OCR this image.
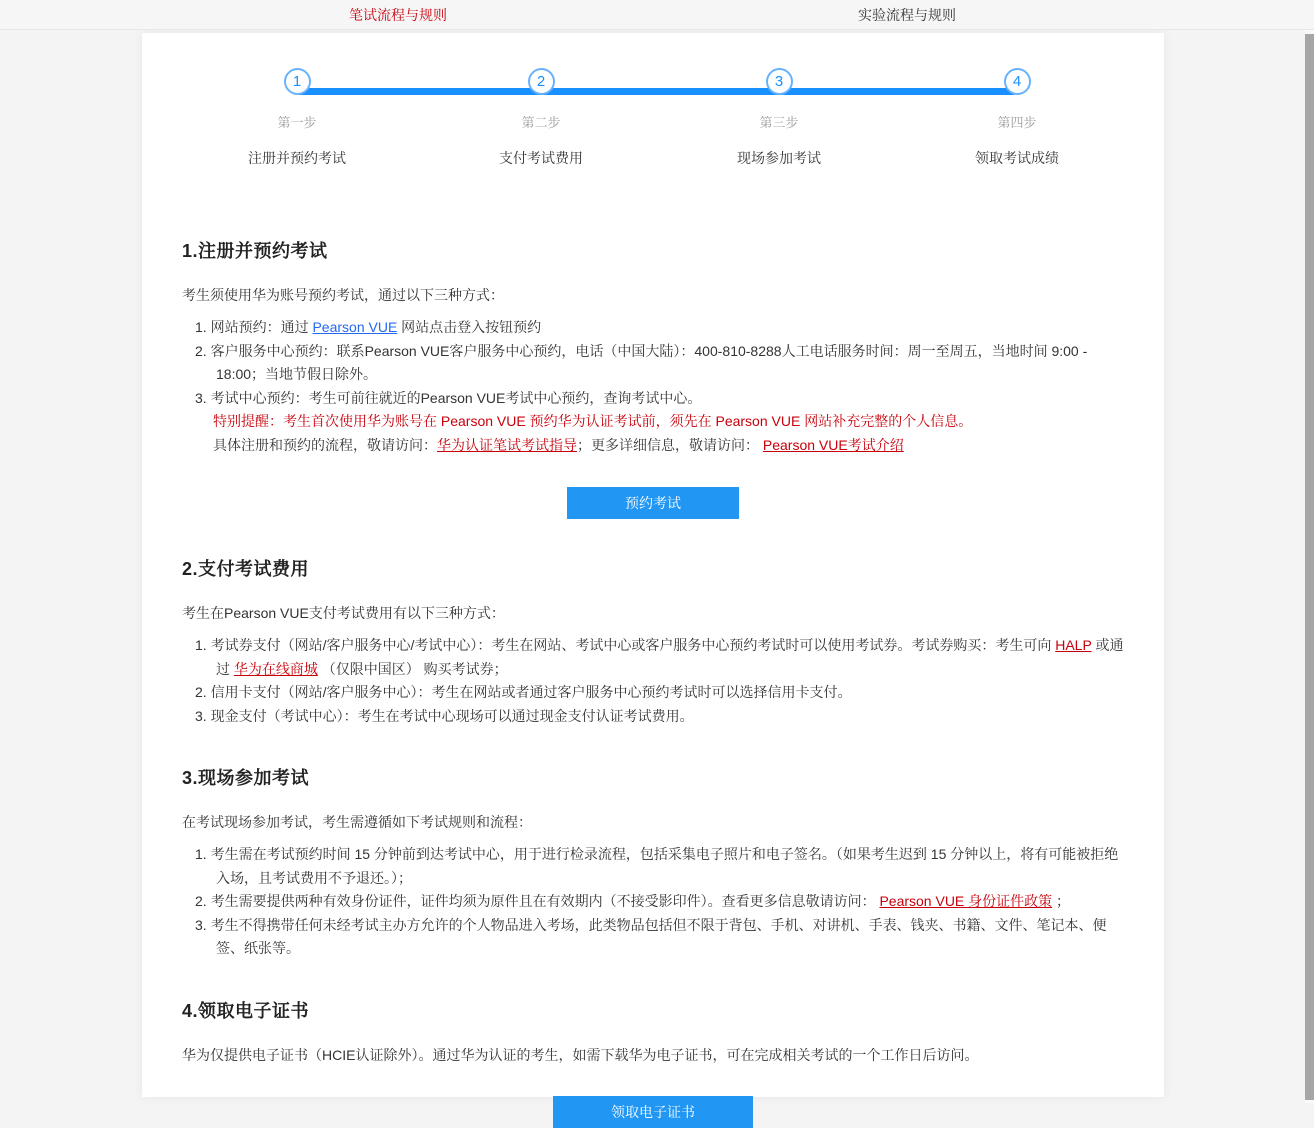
笔试流程与规则	实验流程与规则
1
第一步
注册并预约考试
2
第二步
支付考试费用
3
第三步
现场参加考试
4
第四步
领取考试成绩
1.注册并预约考试

考生须使用华为账号预约考试，通过以下三种方式：

1. 网站预约：通过 Pearson VUE 网站点击登入按钮预约

2. 客户服务中心预约：联系Pearson VUE客户服务中心预约，电话（中国大陆）：400-810-8288人工电话服务时间：周一至周五，当地时间 9:00 - 18:00；当地节假日除外。

3. 考试中心预约：考生可前往就近的Pearson VUE考试中心预约，查询考试中心。

特别提醒：考生首次使用华为账号在 Pearson VUE 预约华为认证考试前，须先在 Pearson VUE 网站补充完整的个人信息。

具体注册和预约的流程，敬请访问：华为认证笔试考试指导；更多详细信息，敬请访问： Pearson VUE考试介绍

预约考试
2.支付考试费用

考生在Pearson VUE支付考试费用有以下三种方式：

1. 考试券支付（网站/客户服务中心/考试中心）：考生在网站、考试中心或客户服务中心预约考试时可以使用考试券。考试券购买：考生可向 HALP 或通过 华为在线商城 （仅限中国区） 购买考试券；

2. 信用卡支付（网站/客户服务中心）：考生在网站或者通过客户服务中心预约考试时可以选择信用卡支付。

3. 现金支付（考试中心）：考生在考试中心现场可以通过现金支付认证考试费用。

3.现场参加考试

在考试现场参加考试，考生需遵循如下考试规则和流程：

1. 考生需在考试预约时间 15 分钟前到达考试中心，用于进行检录流程，包括采集电子照片和电子签名。（如果考生迟到 15 分钟以上，将有可能被拒绝入场，且考试费用不予退还。）；

2. 考生需要提供两种有效身份证件，证件均须为原件且在有效期内（不接受影印件）。查看更多信息敬请访问： Pearson VUE 身份证件政策 ；

3. 考生不得携带任何未经考试主办方允许的个人物品进入考场，此类物品包括但不限于背包、手机、对讲机、手表、钱夹、书籍、文件、笔记本、便签、纸张等。

4.领取电子证书

华为仅提供电子证书（HCIE认证除外）。通过华为认证的考生，如需下载华为电子证书，可在完成相关考试的一个工作日后访问。

领取电子证书
